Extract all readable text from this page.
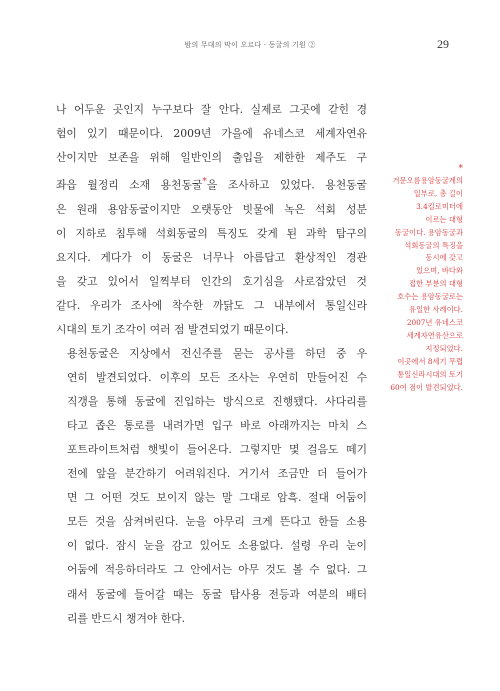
밤의 무대의 막이 오르다 · 동굴의 기원 ②	29

나 어두운 곳인지 누구보다 잘 안다. 실제로 그곳에 갇힌 경
험이 있기 때문이다. 2009년 가을에 유네스코 세계자연유
산이지만 보존을 위해 일반인의 출입을 제한한 제주도 구
좌읍 월정리 소재 용천동굴*을 조사하고 있었다. 용천동굴
은 원래 용암동굴이지만 오랫동안 빗물에 녹은 석회 성분
이 지하로 침투해 석회동굴의 특징도 갖게 된 과학 탐구의
요지다. 게다가 이 동굴은 너무나 아름답고 환상적인 경관
을 갖고 있어서 일찍부터 인간의 호기심을 사로잡았던 것
같다. 우리가 조사에 착수한 까닭도 그 내부에서 통일신라
시대의 토기 조각이 여러 점 발견되었기 때문이다.

용천동굴은 지상에서 전신주를 묻는 공사를 하던 중 우
연히 발견되었다. 이후의 모든 조사는 우연히 만들어진 수
직갱을 통해 동굴에 진입하는 방식으로 진행됐다. 사다리를
타고 좁은 통로를 내려가면 입구 바로 아래까지는 마치 스
포트라이트처럼 햇빛이 들어온다. 그렇지만 몇 걸음도 떼기
전에 앞을 분간하기 어려워진다. 거기서 조금만 더 들어가
면 그 어떤 것도 보이지 않는 말 그대로 암흑. 절대 어둠이
모든 것을 삼켜버린다. 눈을 아무리 크게 뜬다고 한들 소용
이 없다. 잠시 눈을 감고 있어도 소용없다. 설령 우리 눈이
어둠에 적응하더라도 그 안에서는 아무 것도 볼 수 없다. 그
래서 동굴에 들어갈 때는 동굴 탐사용 전등과 여분의 배터
리를 반드시 챙겨야 한다.

*
거문오름용암동굴계의
일부로, 총 길이
3.4킬로미터에
이르는 대형
동굴이다. 용암동굴과
석회동굴의 특징을
동시에 갖고
있으며, 바다와
접한 부분의 대형
호수는 용암동굴로는
유일한 사례이다.
2007년 유네스코
세계자연유산으로
지정되었다.
이곳에서 8세기 무렵
통일신라시대의 토기
60여 점이 발견되었다.
